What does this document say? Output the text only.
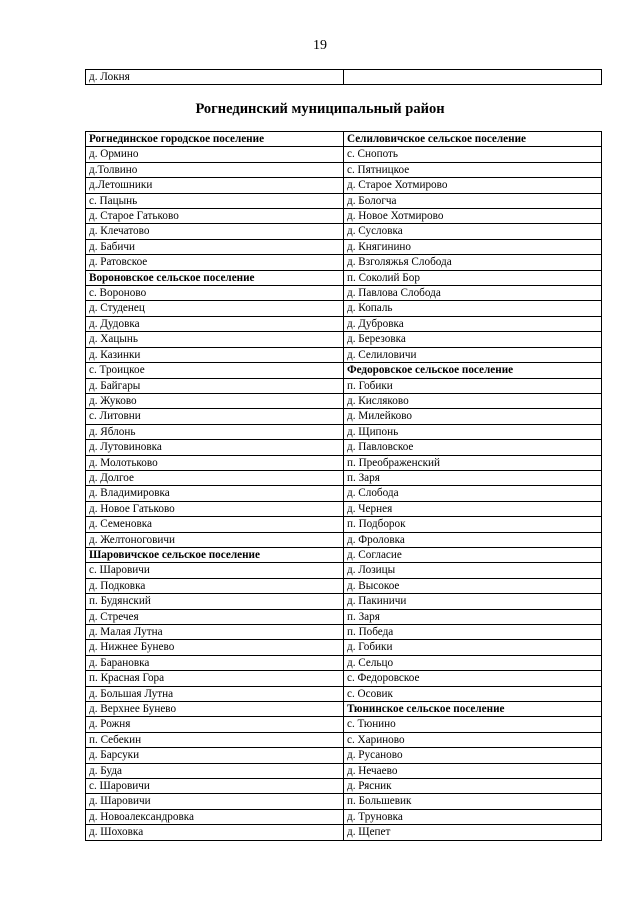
19
д. Локня	
Рогнединский муниципальный район
Рогнединское городское поселение	Селиловичское сельское поселение
д. Ормино	с. Снопоть
д.Толвино	с. Пятницкое
д.Летошники	д. Старое Хотмирово
с. Пацынь	д. Бологча
д. Старое Гатьково	д. Новое Хотмирово
д. Клечатово	д. Сусловка
д. Бабичи	д. Княгинино
д. Ратовское	д. Взголяжья Слобода
Вороновское сельское поселение	п. Соколий Бор
с. Вороново	д. Павлова Слобода
д. Студенец	д. Копаль
д. Дудовка	д. Дубровка
д. Хацынь	д. Березовка
д. Казинки	д. Селиловичи
с. Троицкое	Федоровское сельское поселение
д. Байгары	п. Гобики
д. Жуково	д. Кисляково
с. Литовни	д. Милейково
д. Яблонь	д. Щипонь
д. Лутовиновка	д. Павловское
д. Молотьково	п. Преображенский
д. Долгое	п. Заря
д. Владимировка	д. Слобода
д. Новое Гатьково	д. Чернея
д. Семеновка	п. Подборок
д. Желтоноговичи	д. Фроловка
Шаровичское сельское поселение	д. Согласие
с. Шаровичи	д. Лозицы
д. Подковка	д. Высокое
п. Будянский	д. Пакиничи
д. Стречея	п. Заря
д. Малая Лутна	п. Победа
д. Нижнее Бунево	д. Гобики
д. Барановка	д. Сельцо
п. Красная Гора	с. Федоровское
д. Большая Лутна	с. Осовик
д. Верхнее Бунево	Тюнинское сельское поселение
д. Рожня	с. Тюнино
п. Себекин	с. Хариново
д. Барсуки	д. Русаново
д. Буда	д. Нечаево
с. Шаровичи	д. Рясник
д. Шаровичи	п. Большевик
д. Новоалександровка	д. Труновка
д. Шоховка	д. Щепет
